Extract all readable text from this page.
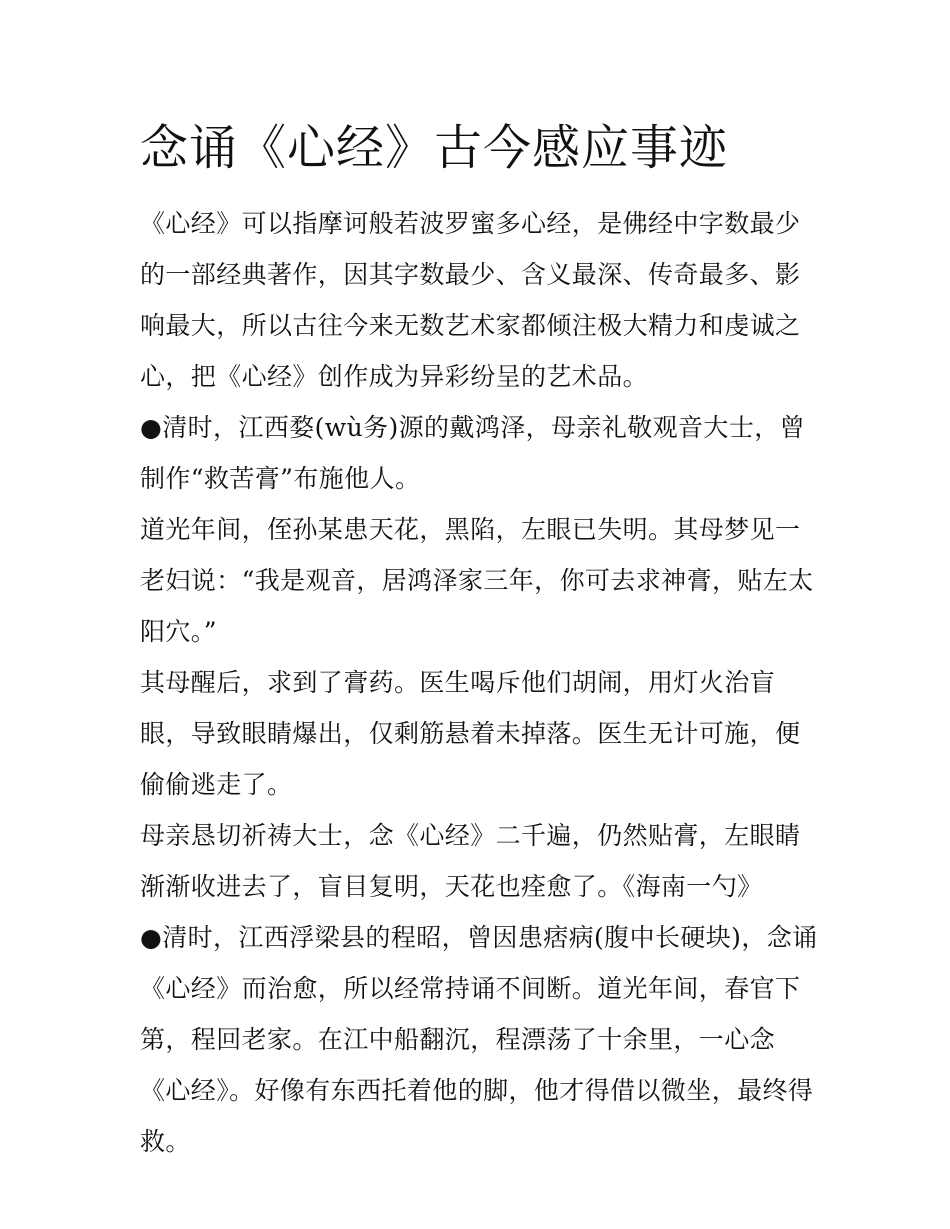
念诵《心经》古今感应事迹

《心经》可以指摩诃般若波罗蜜多心经，是佛经中字数最少的一部经典著作，因其字数最少、含义最深、传奇最多、影响最大，所以古往今来无数艺术家都倾注极大精力和虔诚之心，把《心经》创作成为异彩纷呈的艺术品。

●清时，江西婺(wù务)源的戴鸿泽，母亲礼敬观音大士，曾制作“救苦膏”布施他人。

道光年间，侄孙某患天花，黑陷，左眼已失明。其母梦见一老妇说：“我是观音，居鸿泽家三年，你可去求神膏，贴左太阳穴。”

其母醒后，求到了膏药。医生喝斥他们胡闹，用灯火治盲眼，导致眼睛爆出，仅剩筋悬着未掉落。医生无计可施，便偷偷逃走了。

母亲恳切祈祷大士，念《心经》二千遍，仍然贴膏，左眼睛渐渐收进去了，盲目复明，天花也痊愈了。《海南一勺》

●清时，江西浮梁县的程昭，曾因患痞病(腹中长硬块)，念诵《心经》而治愈，所以经常持诵不间断。道光年间，春官下第，程回老家。在江中船翻沉，程漂荡了十余里，一心念《心经》。好像有东西托着他的脚，他才得借以微坐，最终得救。
